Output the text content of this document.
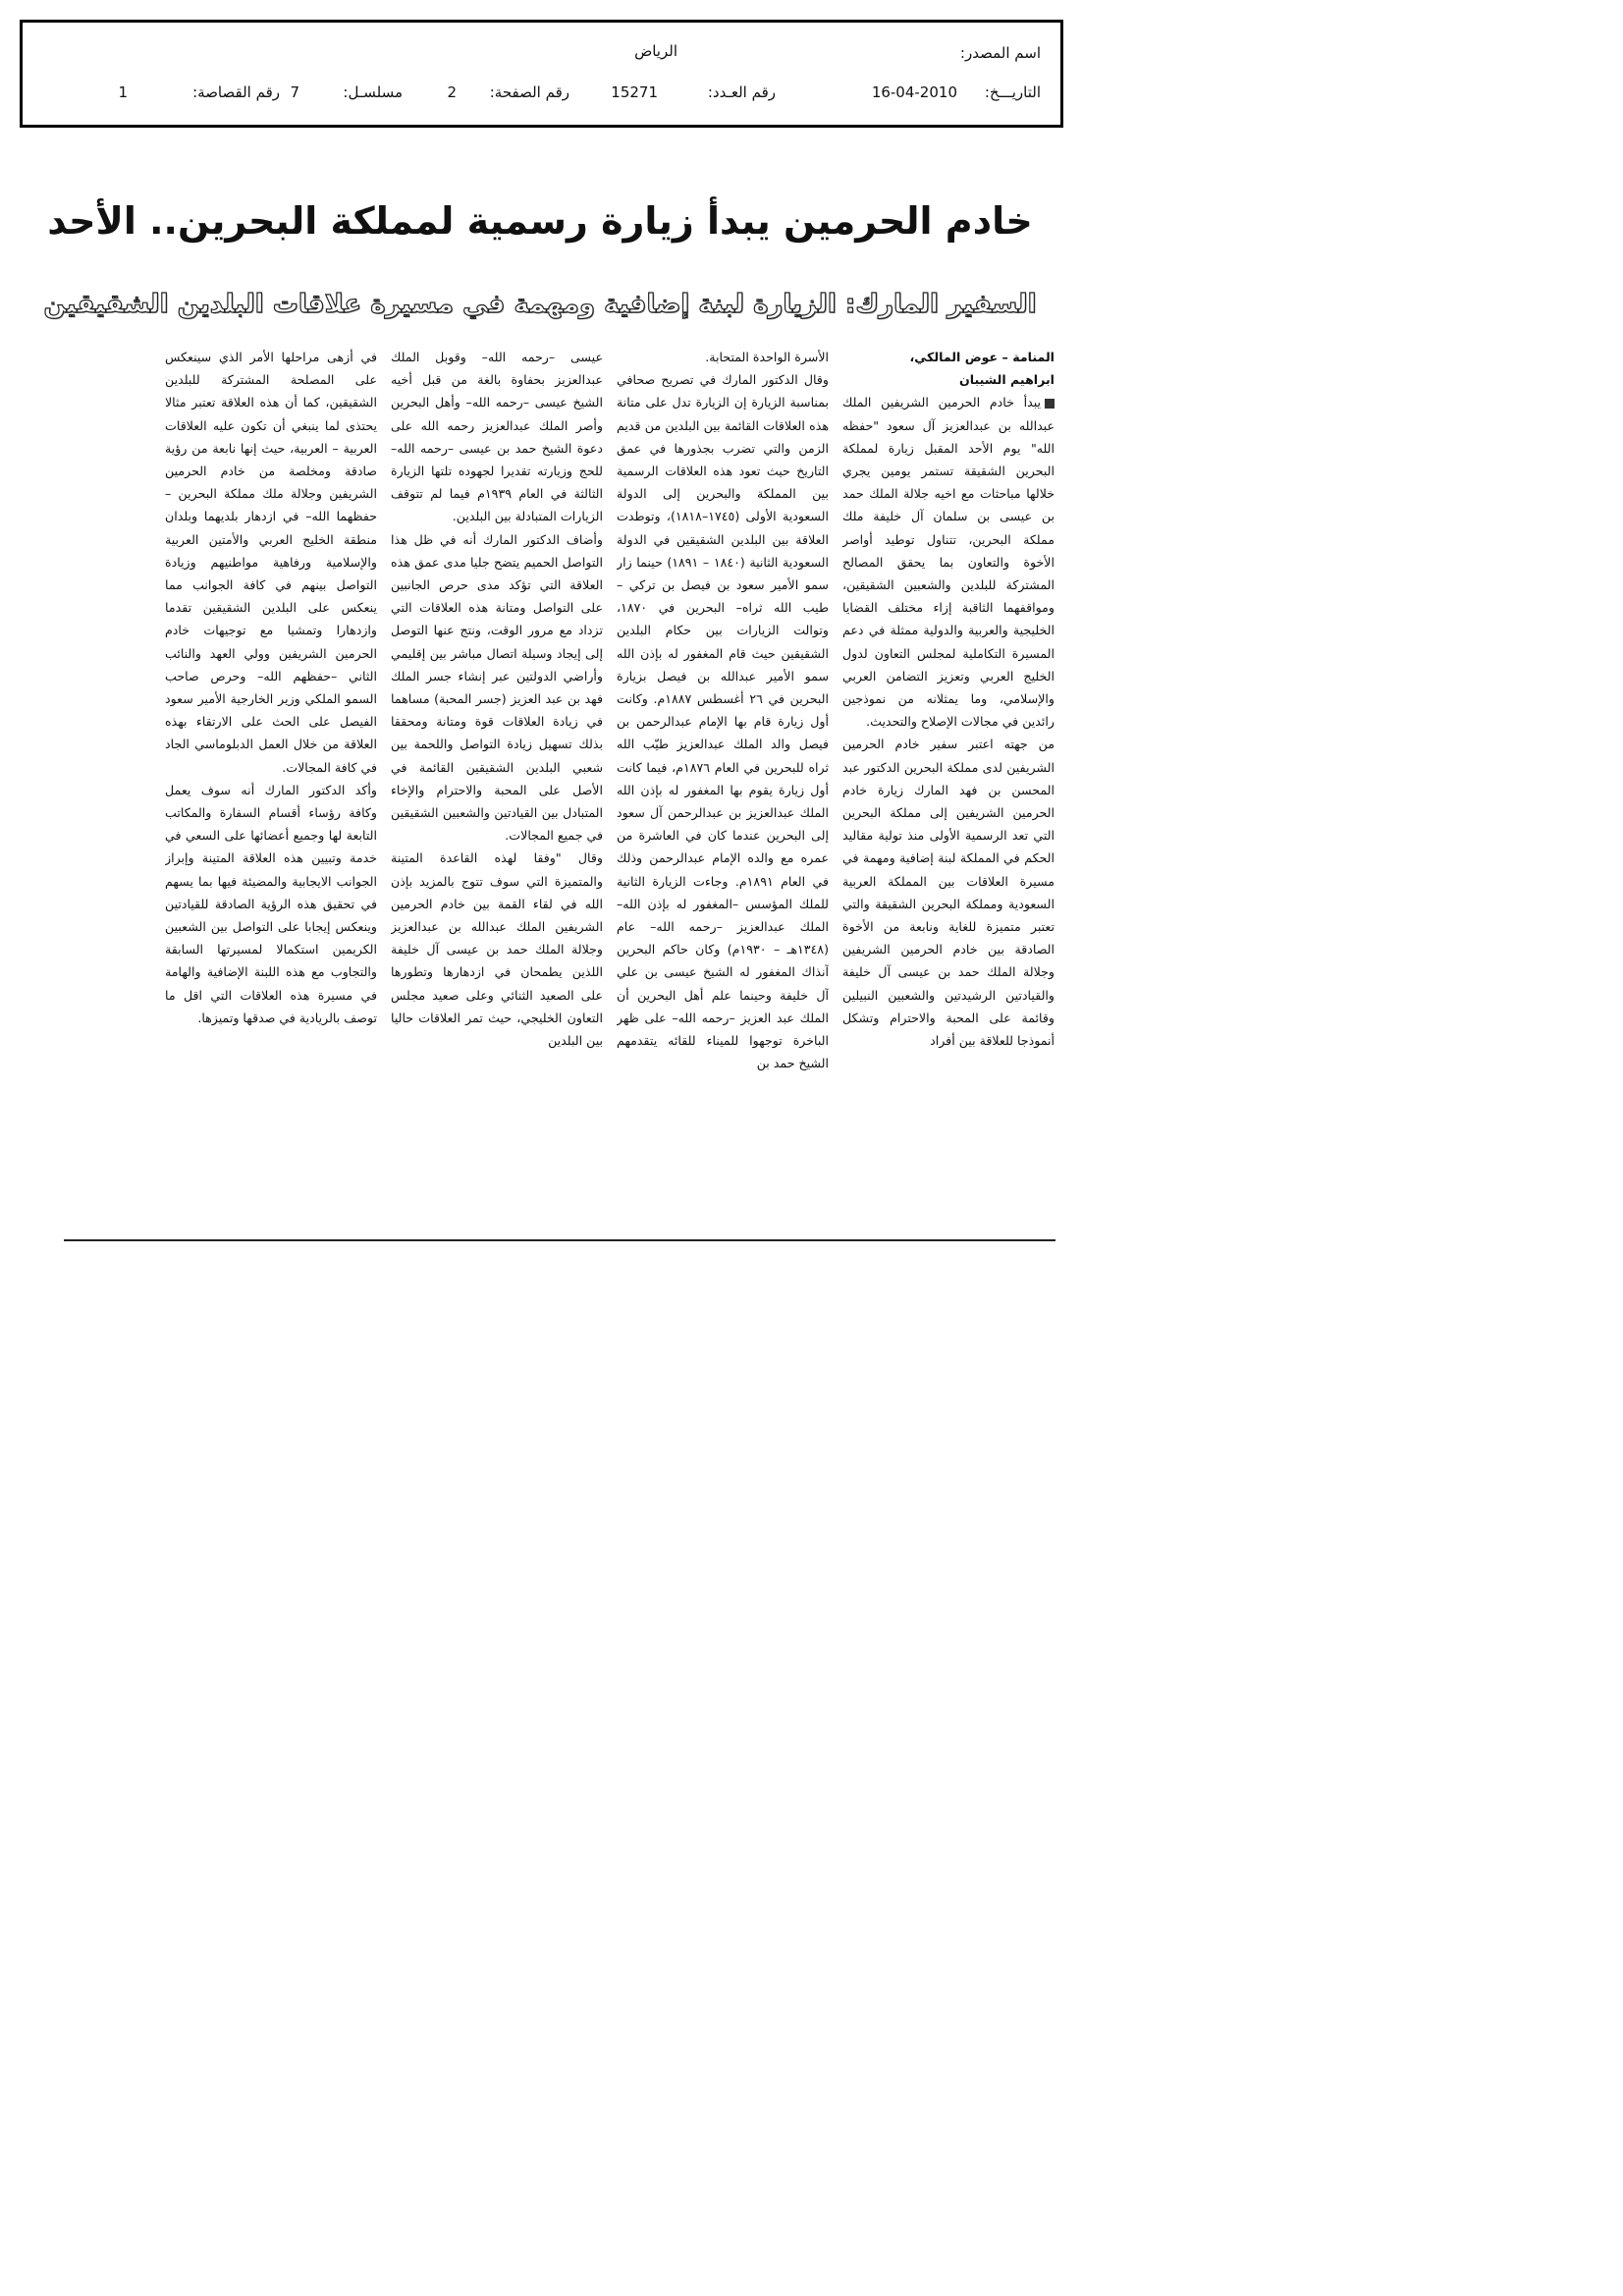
اسم المصدر:
الرياض
التاريـــخ:
16-04-2010
رقم العـدد:
15271
رقم الصفحة:
2
مسلسـل:
7
رقم القصاصة:
1
خادم الحرمين يبدأ زيارة رسمية لمملكة البحرين.. الأحد
السفير المارك: الزيارة لبنة إضافية ومهمة في مسيرة علاقات البلدين الشقيقين

المنامة – عوض المالكي،

ابراهيم الشيبان

يبدأ خادم الحرمين الشريفين الملك عبدالله بن عبدالعزيز آل سعود "حفظه الله" يوم الأحد المقبل زيارة لمملكة البحرين الشقيقة تستمر يومين يجري خلالها مباحثات مع اخيه جلالة الملك حمد بن عيسى بن سلمان آل خليفة ملك مملكة البحرين، تتناول توطيد أواصر الأخوة والتعاون بما يحقق المصالح المشتركة للبلدين والشعبين الشقيقين، ومواقفهما الثاقبة إزاء مختلف القضايا الخليجية والعربية والدولية ممثلة في دعم المسيرة التكاملية لمجلس التعاون لدول الخليج العربي وتعزيز التضامن العربي والإسلامي، وما يمثلانه من نموذجين رائدين في مجالات الإصلاح والتحديث.

من جهته اعتبر سفير خادم الحرمين الشريفين لدى مملكة البحرين الدكتور عبد المحسن بن فهد المارك زيارة خادم الحرمين الشريفين إلى مملكة البحرين التي تعد الرسمية الأولى منذ تولية مقاليد الحكم في المملكة لبنة إضافية ومهمة في مسيرة العلاقات بين المملكة العربية السعودية ومملكة البحرين الشقيقة والتي تعتبر متميزة للغاية ونابعة من الأخوة الصادقة بين خادم الحرمين الشريفين وجلالة الملك حمد بن عيسى آل خليفة والقيادتين الرشيدتين والشعبين النبيلين وقائمة على المحبة والاحترام وتشكل أنموذجا للعلاقة بين أفراد

الأسرة الواحدة المتحابة.

وقال الدكتور المارك في تصريح صحافي بمناسبة الزيارة إن الزيارة تدل على متانة هذه العلاقات القائمة بين البلدين من قديم الزمن والتي تضرب بجذورها في عمق التاريخ حيث تعود هذه العلاقات الرسمية بين المملكة والبحرين إلى الدولة السعودية الأولى (١٧٤٥–١٨١٨)، وتوطدت العلاقة بين البلدين الشقيقين في الدولة السعودية الثانية (١٨٤٠ – ١٨٩١) حينما زار سمو الأمير سعود بن فيصل بن تركي –طيب الله ثراه– البحرين في ١٨٧٠، وتوالت الزيارات بين حكام البلدين الشقيقين حيث قام المغفور له بإذن الله سمو الأمير عبدالله بن فيصل بزيارة البحرين في ٢٦ أغسطس ١٨٨٧م. وكانت أول زيارة قام بها الإمام عبدالرحمن بن فيصل والد الملك عبدالعزيز طيّب الله ثراه للبحرين في العام ١٨٧٦م، فيما كانت أول زيارة يقوم بها المغفور له بإذن الله الملك عبدالعزيز بن عبدالرحمن آل سعود إلى البحرين عندما كان في العاشرة من عمره مع والده الإمام عبدالرحمن وذلك في العام ١٨٩١م. وجاءت الزيارة الثانية للملك المؤسس –المغفور له بإذن الله– الملك عبدالعزيز –رحمه الله– عام (١٣٤٨هـ – ١٩٣٠م) وكان حاكم البحرين آنذاك المغفور له الشيخ عيسى بن علي آل خليفة وحينما علم أهل البحرين أن الملك عبد العزيز –رحمه الله– على ظهر الباخرة توجهوا للميناء للقائه يتقدمهم الشيخ حمد بن

عيسى –رحمه الله– وقوبل الملك عبدالعزيز بحفاوة بالغة من قبل أخيه الشيخ عيسى –رحمه الله– وأهل البحرين وأصر الملك عبدالعزيز رحمه الله على دعوة الشيخ حمد بن عيسى –رحمه الله– للحج وزيارته تقديرا لجهوده تلتها الزيارة الثالثة في العام ١٩٣٩م فيما لم تتوقف الزيارات المتبادلة بين البلدين.

وأضاف الدكتور المارك أنه في ظل هذا التواصل الحميم يتضح جليا مدى عمق هذه العلاقة التي تؤكد مدى حرص الجانبين على التواصل ومتانة هذه العلاقات التي تزداد مع مرور الوقت، ونتج عنها التوصل إلى إيجاد وسيلة اتصال مباشر بين إقليمي وأراضي الدولتين عبر إنشاء جسر الملك فهد بن عبد العزيز (جسر المحبة) مساهما في زيادة العلاقات قوة ومتانة ومحققا بذلك تسهيل زيادة التواصل واللحمة بين شعبي البلدين الشقيقين القائمة في الأصل على المحبة والاحترام والإخاء المتبادل بين القيادتين والشعبين الشقيقين في جميع المجالات.

وقال "وفقا لهذه القاعدة المتينة والمتميزة التي سوف تتوج بالمزيد بإذن الله في لقاء القمة بين خادم الحرمين الشريفين الملك عبدالله بن عبدالعزيز وجلالة الملك حمد بن عيسى آل خليفة اللذين يطمحان في ازدهارها وتطورها على الصعيد الثنائي وعلى صعيد مجلس التعاون الخليجي، حيث تمر العلاقات حاليا بين البلدين

في أزهى مراحلها الأمر الذي سينعكس على المصلحة المشتركة للبلدين الشقيقين، كما أن هذه العلاقة تعتبر مثالا يحتذى لما ينبغي أن تكون عليه العلاقات العربية – العربية، حيث إنها نابعة من رؤية صادقة ومخلصة من خادم الحرمين الشريفين وجلالة ملك مملكة البحرين –حفظهما الله– في ازدهار بلديهما وبلدان منطقة الخليج العربي والأمتين العربية والإسلامية ورفاهية مواطنيهم وزيادة التواصل بينهم في كافة الجوانب مما ينعكس على البلدين الشقيقين تقدما وازدهارا وتمشيا مع توجيهات خادم الحرمين الشريفين وولي العهد والنائب الثاني –حفظهم الله– وحرص صاحب السمو الملكي وزير الخارجية الأمير سعود الفيصل على الحث على الارتقاء بهذه العلاقة من خلال العمل الدبلوماسي الجاد في كافة المجالات.

وأكد الدكتور المارك أنه سوف يعمل وكافة رؤساء أقسام السفارة والمكاتب التابعة لها وجميع أعضائها على السعي في خدمة وتبيين هذه العلاقة المتينة وإبراز الجوانب الايجابية والمضيئة فيها بما يسهم في تحقيق هذه الرؤية الصادقة للقيادتين وينعكس إيجابا على التواصل بين الشعبين الكريمين استكمالا لمسيرتها السابقة والتجاوب مع هذه اللبنة الإضافية والهامة في مسيرة هذه العلاقات التي اقل ما توصف بالريادية في صدقها وتميزها.
